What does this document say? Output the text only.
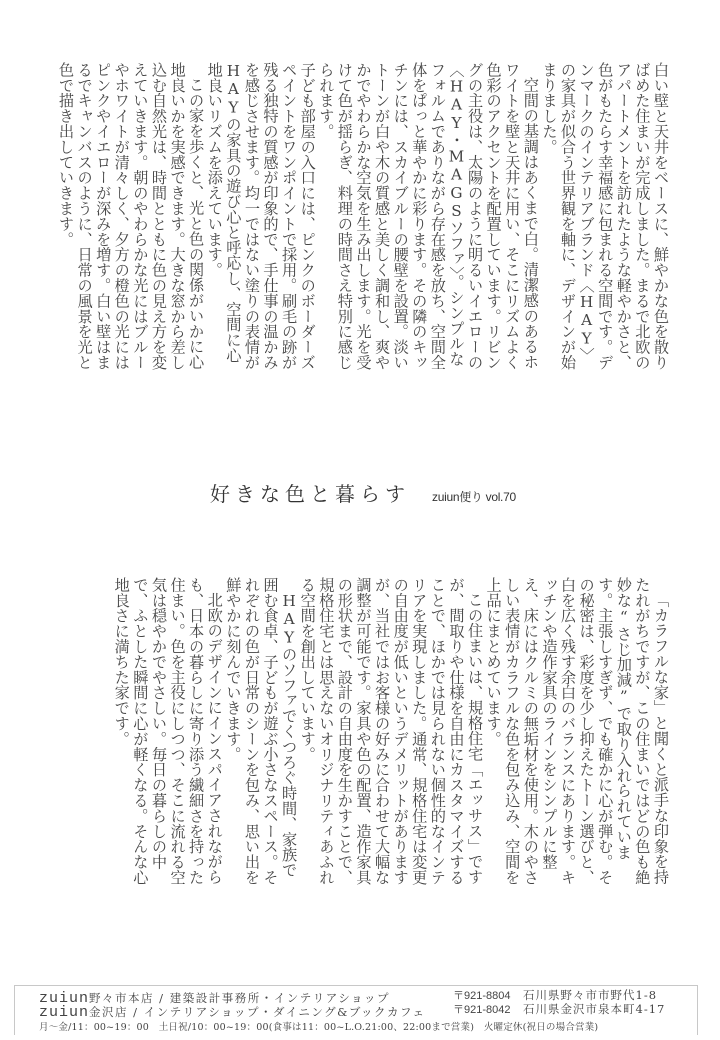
白い壁と天井をベースに、鮮やかな色を散りばめた住まいが完成しました。まるで北欧のアパートメントを訪れたような軽やかさと、色がもたらす幸福感に包まれる空間です。デンマークのインテリアブランド〈HAY〉の家具が似合う世界観を軸に、デザインが始まりました。

空間の基調はあくまで白。清潔感のあるホワイトを壁と天井に用い、そこにリズムよく色彩のアクセントを配置しています。リビングの主役は、太陽のように明るいイエローの〈HAY・MAGSソファ〉。シンプルなフォルムでありながら存在感を放ち、空間全体をぱっと華やかに彩ります。その隣のキッチンには、スカイブルーの腰壁を設置。淡いトーンが白や木の質感と美しく調和し、爽やかでやわらかな空気を生み出します。光を受けて色が揺らぎ、料理の時間さえ特別に感じられます。

子ども部屋の入口には、ピンクのボーダーズペイントをワンポイントで採用。刷毛の跡が残る独特の質感が印象的で、手仕事の温かみを感じさせます。均一ではない塗りの表情がHAYの家具の遊び心と呼応し、空間に心地良いリズムを添えています。

この家を歩くと、光と色の関係がいかに心地良いかを実感できます。大きな窓から差し込む自然光は、時間とともに色の見え方を変えていきます。朝のやわらかな光にはブルーやホワイトが清々しく、夕方の橙色の光にはピンクやイエローが深みを増す。白い壁はまるでキャンバスのように、日常の風景を光と色で描き出していきます。

好きな色と暮らす zuiun便り vol.70

「カラフルな家」と聞くと派手な印象を持たれがちですが、この住まいではどの色も絶妙な“さじ加減”で取り入れられています。主張しすぎず、でも確かに心が弾む。その秘密は、彩度を少し抑えたトーン選びと、白を広く残す余白のバランスにあります。キッチンや造作家具のラインをシンプルに整え、床にはクルミの無垢材を使用。木のやさしい表情がカラフルな色を包み込み、空間を上品にまとめています。

この住まいは、規格住宅「エッサス」ですが、間取りや仕様を自由にカスタマイズすることで、ほかでは見られない個性的なインテリアを実現しました。通常、規格住宅は変更の自由度が低いというデメリットがありますが、当社ではお客様の好みに合わせて大幅な調整が可能です。家具や色の配置、造作家具の形状まで、設計の自由度を生かすことで、規格住宅とは思えないオリジナリティあふれる空間を創出しています。

HAYのソファでくつろぐ時間、家族で囲む食卓、子どもが遊ぶ小さなスペース。それぞれの色が日常のシーンを包み、思い出を鮮やかに刻んでいきます。

北欧のデザインにインスパイアされながらも、日本の暮らしに寄り添う繊細さを持った住まい。色を主役にしつつ、そこに流れる空気は穏やかでやさしい。毎日の暮らしの中で、ふとした瞬間に心が軽くなる。そんな心地良さに満ちた家です。

zuiun野々市本店 / 建築設計事務所・インテリアショップ	〒921-8804 石川県野々市市野代1-8
zuiun金沢店 / インテリアショップ・ダイニング&ブックカフェ	〒921-8042 石川県金沢市泉本町4-17
月～金/11：00~19：00　土日祝/10：00~19：00(食事は11：00~L.O.21:00、22:00まで営業)　火曜定休(祝日の場合営業)
